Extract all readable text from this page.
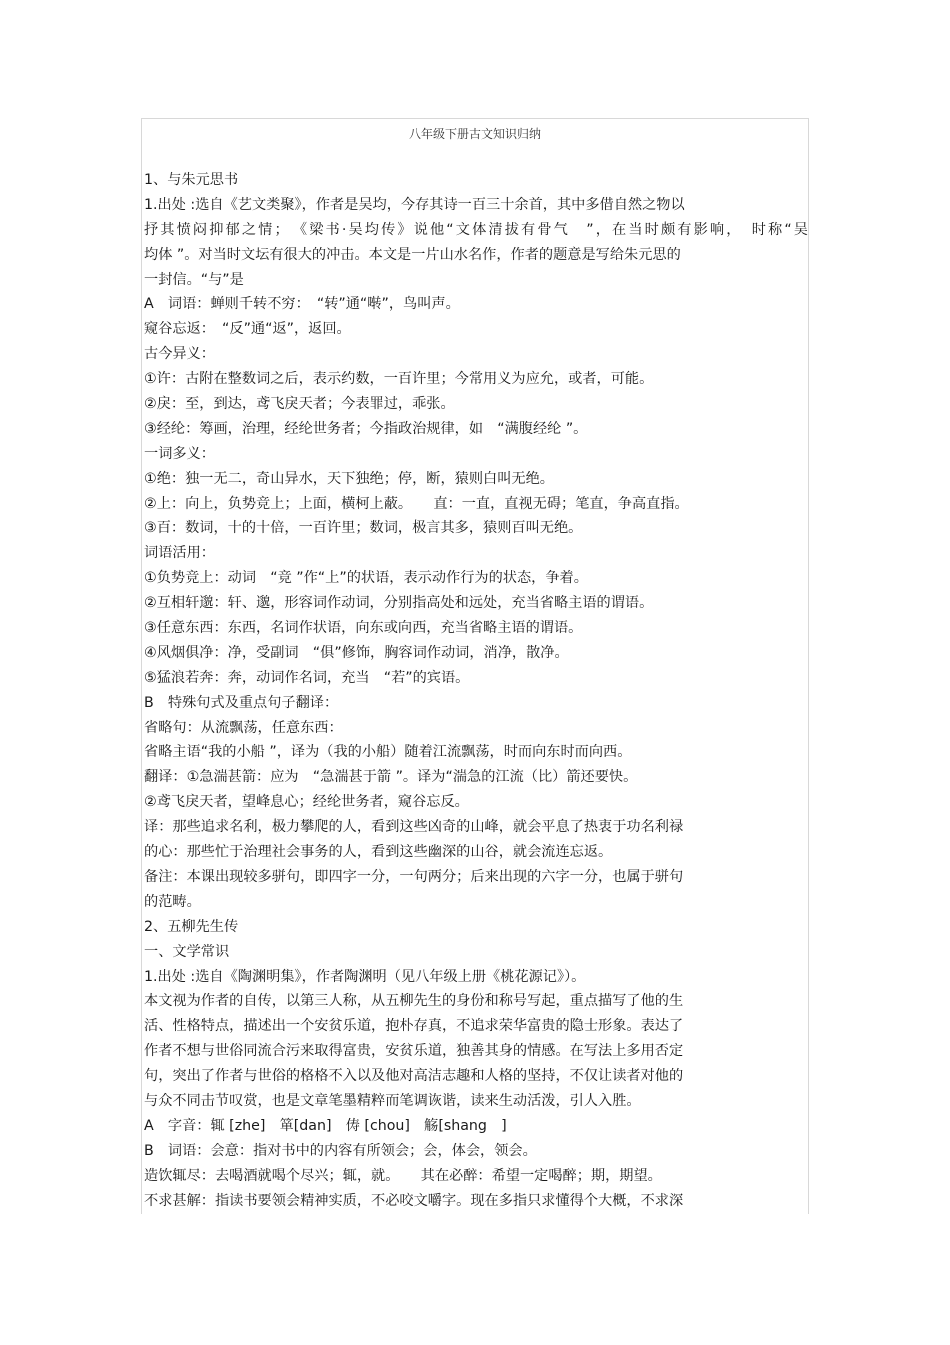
八年级下册古文知识归纳
1、与朱元思书
1.出处 :选自《艺文类聚》，作者是吴均，今存其诗一百三十余首，其中多借自然之物以
抒其愤闷抑郁之情；　《梁书·吴均传》说他“文体清拔有骨气　”，在当时颇有影响，　时称“吴
均体 ”。对当时文坛有很大的冲击。本文是一片山水名作，作者的题意是写给朱元思的
一封信。“与”是
A　词语：蝉则千转不穷：　“转”通“啭”，鸟叫声。
窥谷忘返：　“反”通“返”，返回。
古今异义：
①许：古附在整数词之后，表示约数，一百许里；今常用义为应允，或者，可能。
②戾：至，到达，鸢飞戾天者；今表罪过，乖张。
③经纶：筹画，治理，经纶世务者；今指政治规律，如　“满腹经纶 ”。
一词多义：
①绝：独一无二，奇山异水，天下独绝；停，断，猿则白叫无绝。
②上：向上，负势竞上；上面，横柯上蔽。　　直：一直，直视无碍；笔直，争高直指。
③百：数词，十的十倍，一百许里；数词，极言其多，猿则百叫无绝。
词语活用：
①负势竞上：动词　“竞 ”作“上”的状语，表示动作行为的状态，争着。
②互相轩邈：轩、邈，形容词作动词，分别指高处和远处，充当省略主语的谓语。
③任意东西：东西，名词作状语，向东或向西，充当省略主语的谓语。
④风烟俱净：净，受副词　“俱”修饰，胸容词作动词，消净，散净。
⑤猛浪若奔：奔，动词作名词，充当　“若”的宾语。
B　特殊句式及重点句子翻译：
省略句：从流飘荡，任意东西：
省略主语“我的小船 ”，译为（我的小船）随着江流飘荡，时而向东时而向西。
翻译：①急湍甚箭：应为　“急湍甚于箭 ”。译为“湍急的江流（比）箭还要快。
②鸢飞戾天者，望峰息心；经纶世务者，窥谷忘反。
译：那些追求名利，极力攀爬的人，看到这些凶奇的山峰，就会平息了热衷于功名利禄
的心：那些忙于治理社会事务的人，看到这些幽深的山谷，就会流连忘返。
备注：本课出现较多骈句，即四字一分，一句两分；后来出现的六字一分，也属于骈句
的范畴。
2、五柳先生传
一、文学常识
1.出处 :选自《陶渊明集》，作者陶渊明（见八年级上册《桃花源记》）。
本文视为作者的自传，以第三人称，从五柳先生的身份和称号写起，重点描写了他的生
活、性格特点，描述出一个安贫乐道，抱朴存真，不追求荣华富贵的隐士形象。表达了
作者不想与世俗同流合污来取得富贵，安贫乐道，独善其身的情感。在写法上多用否定
句，突出了作者与世俗的格格不入以及他对高洁志趣和人格的坚持，不仅让读者对他的
与众不同击节叹赏，也是文章笔墨精粹而笔调诙谐，读来生动活泼，引人入胜。
A　字音：辄 [zhe]　箪[dan]　俦 [chou]　觞[shang　]
B　词语：会意：指对书中的内容有所领会；会，体会，领会。
造饮辄尽：去喝酒就喝个尽兴；辄，就。　　其在必醉：希望一定喝醉；期，期望。
不求甚解：指读书要领会精神实质，不必咬文嚼字。现在多指只求懂得个大概，不求深
